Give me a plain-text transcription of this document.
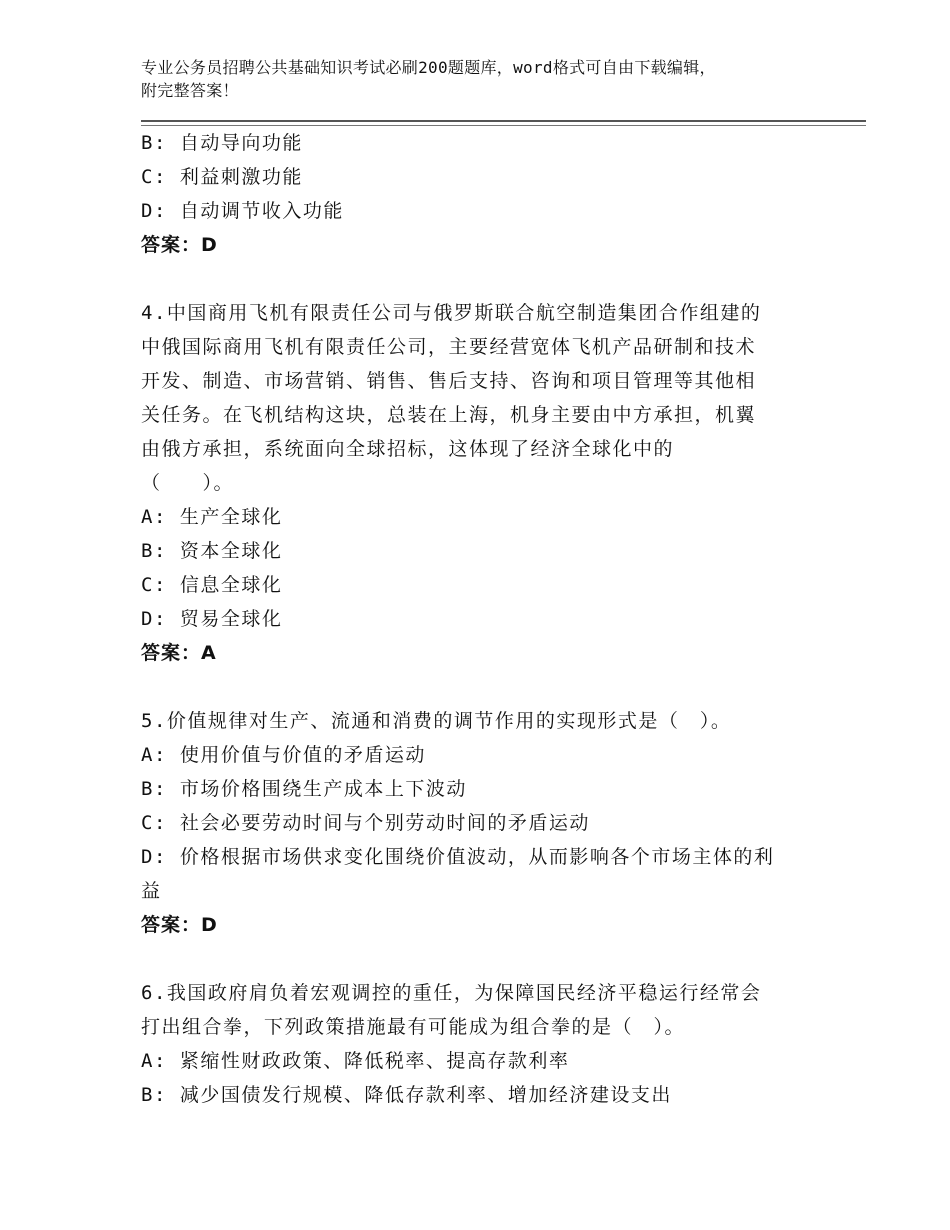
专业公务员招聘公共基础知识考试必刷200题题库，word格式可自由下载编辑，
附完整答案！
B: 自动导向功能
C: 利益刺激功能
D: 自动调节收入功能
答案：D
4.中国商用飞机有限责任公司与俄罗斯联合航空制造集团合作组建的
中俄国际商用飞机有限责任公司，主要经营宽体飞机产品研制和技术
开发、制造、市场营销、销售、售后支持、咨询和项目管理等其他相
关任务。在飞机结构这块，总装在上海，机身主要由中方承担，机翼
由俄方承担，系统面向全球招标，这体现了经济全球化中的
（　　）。
A: 生产全球化
B: 资本全球化
C: 信息全球化
D: 贸易全球化
答案：A
5.价值规律对生产、流通和消费的调节作用的实现形式是（　）。
A: 使用价值与价值的矛盾运动
B: 市场价格围绕生产成本上下波动
C: 社会必要劳动时间与个别劳动时间的矛盾运动
D: 价格根据市场供求变化围绕价值波动，从而影响各个市场主体的利
益
答案：D
6.我国政府肩负着宏观调控的重任，为保障国民经济平稳运行经常会
打出组合拳，下列政策措施最有可能成为组合拳的是（　）。
A: 紧缩性财政政策、降低税率、提高存款利率
B: 减少国债发行规模、降低存款利率、增加经济建设支出
